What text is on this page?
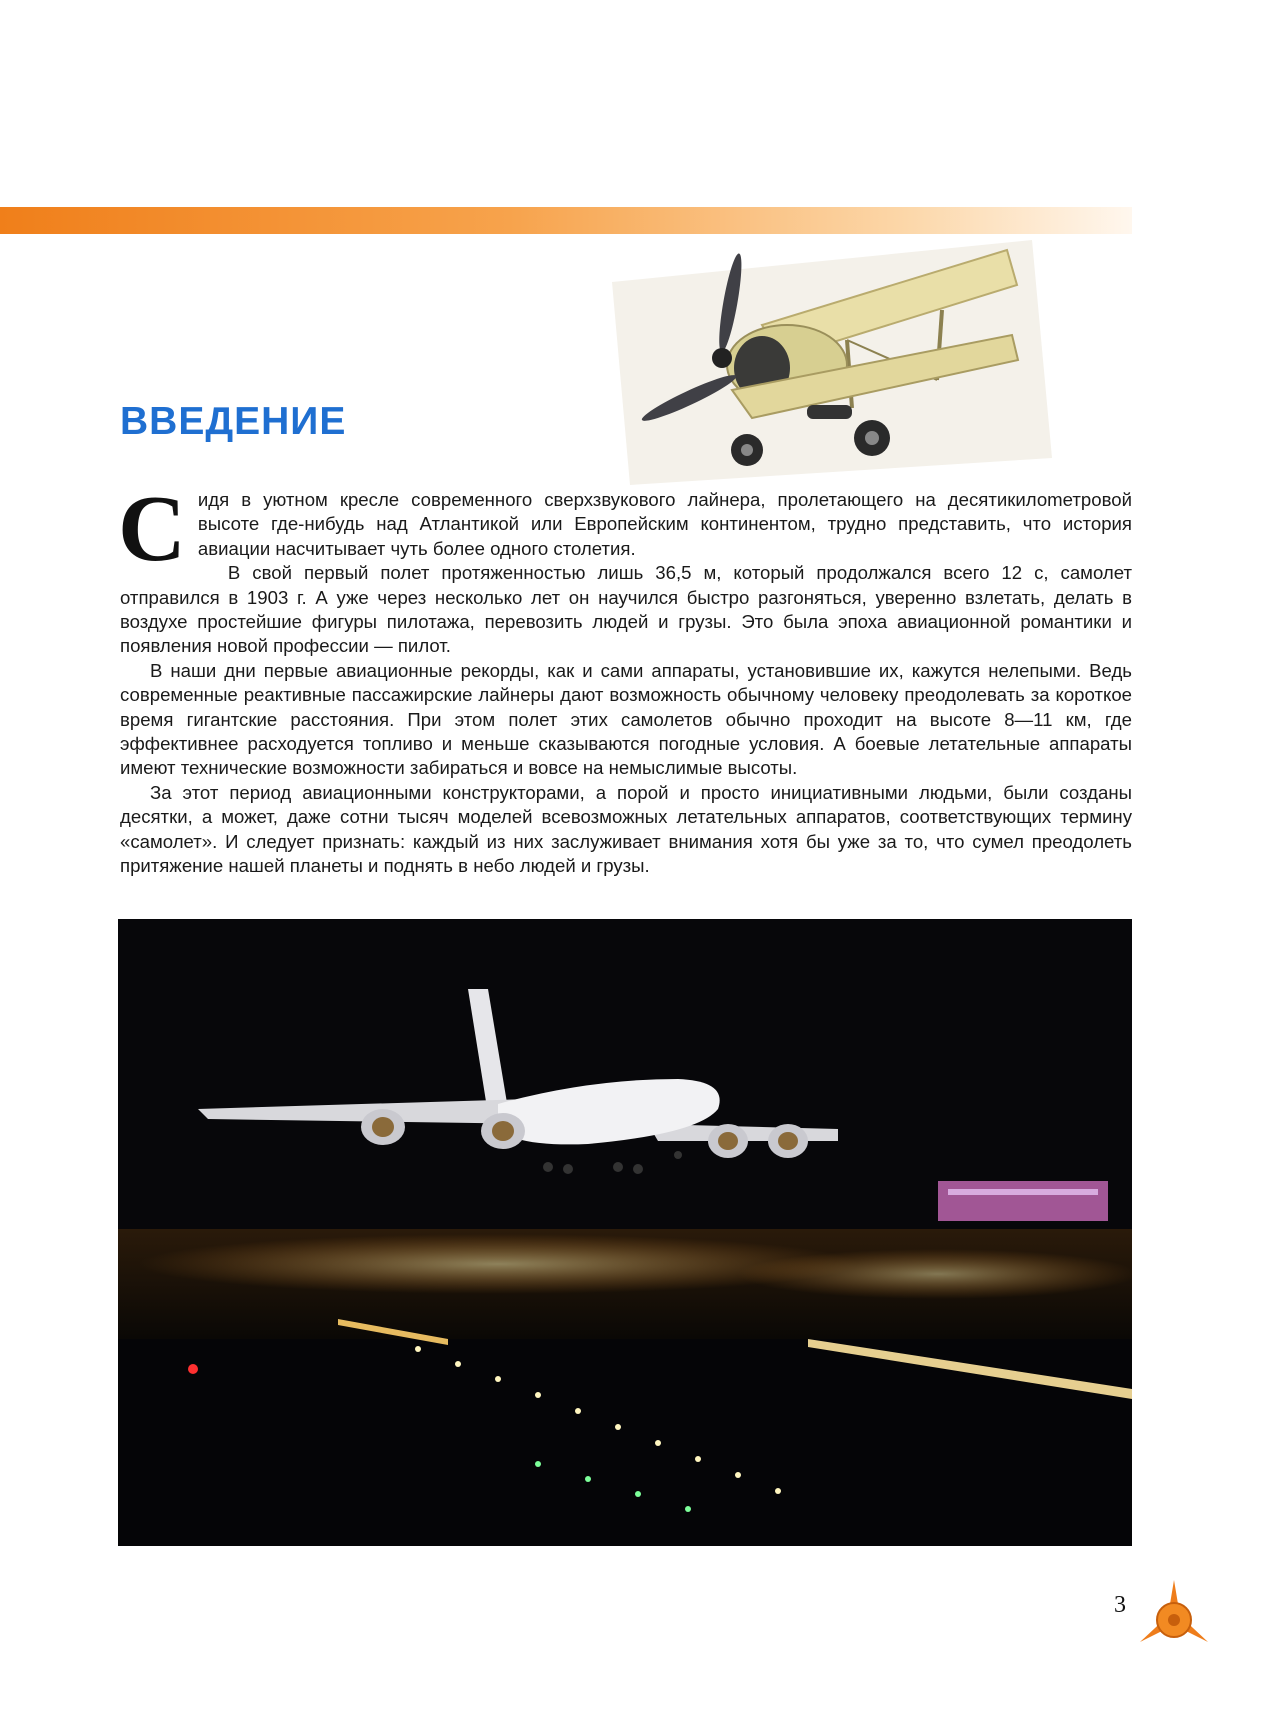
ВВЕДЕНИЕ

Сидя в уютном кресле современного сверхзвукового лайнера, пролетающего на десятикилоmетровой высоте где-нибудь над Атлантикой или Европейским континентом, трудно представить, что история авиации насчитывает чуть более одного столетия.

В свой первый полет протяженностью лишь 36,5 м, который продолжался всего 12 с, самолет отправился в 1903 г. А уже через несколько лет он научился быстро разгоняться, уверенно взлетать, делать в воздухе простейшие фигуры пилотажа, перевозить людей и грузы. Это была эпоха авиационной романтики и появления новой профессии — пилот.

В наши дни первые авиационные рекорды, как и сами аппараты, установившие их, кажутся нелепыми. Ведь современные реактивные пассажирские лайнеры дают возможность обычному человеку преодолевать за короткое время гигантские расстояния. При этом полет этих самолетов обычно проходит на высоте 8—11 км, где эффективнее расходуется топливо и меньше сказываются погодные условия. А боевые летательные аппараты имеют технические возможности забираться и вовсе на немыслимые высоты.

За этот период авиационными конструкторами, а порой и просто инициативными людьми, были созданы десятки, а может, даже сотни тысяч моделей всевозможных летательных аппаратов, соответствующих термину «самолет». И следует признать: каждый из них заслуживает внимания хотя бы уже за то, что сумел преодолеть притяжение нашей планеты и поднять в небо людей и грузы.

3
